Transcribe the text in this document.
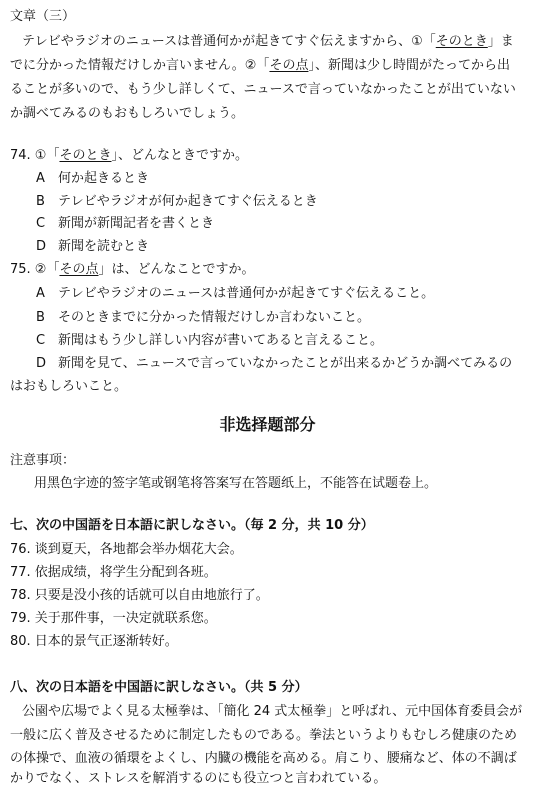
文章（三）
テレビやラジオのニュースは普通何かが起きてすぐ伝えますから、①「そのとき」ま
でに分かった情報だけしか言いません。②「その点」、新聞は少し時間がたってから出
ることが多いので、もう少し詳しくて、ニュースで言っていなかったことが出ていない
か調べてみるのもおもしろいでしょう。
74. ①「そのとき」、どんなときですか。
A 何か起きるとき
B テレビやラジオが何か起きてすぐ伝えるとき
C 新聞が新聞記者を書くとき
D 新聞を読むとき
75. ②「その点」は、どんなことですか。
A テレビやラジオのニュースは普通何かが起きてすぐ伝えること。
B そのときまでに分かった情報だけしか言わないこと。
C 新聞はもう少し詳しい内容が書いてあると言えること。
D 新聞を見て、ニュースで言っていなかったことが出来るかどうか調べてみるの
はおもしろいこと。
非选择题部分
注意事项：
用黑色字迹的签字笔或钢笔将答案写在答题纸上，不能答在试题卷上。
七、次の中国語を日本語に訳しなさい。（毎 2 分，共 10 分）
76. 谈到夏天，各地都会举办烟花大会。
77. 依据成绩，将学生分配到各班。
78. 只要是没小孩的话就可以自由地旅行了。
79. 关于那件事，一决定就联系您。
80. 日本的景气正逐渐转好。
八、次の日本語を中国語に訳しなさい。（共 5 分）
公園や広場でよく見る太極拳は、「簡化 24 式太極拳」と呼ばれ、元中国体育委員会が
一般に広く普及させるために制定したものである。拳法というよりもむしろ健康のため
の体操で、血液の循環をよくし、内臓の機能を高める。肩こり、腰痛など、体の不調ば
かりでなく、ストレスを解消するのにも役立つと言われている。
